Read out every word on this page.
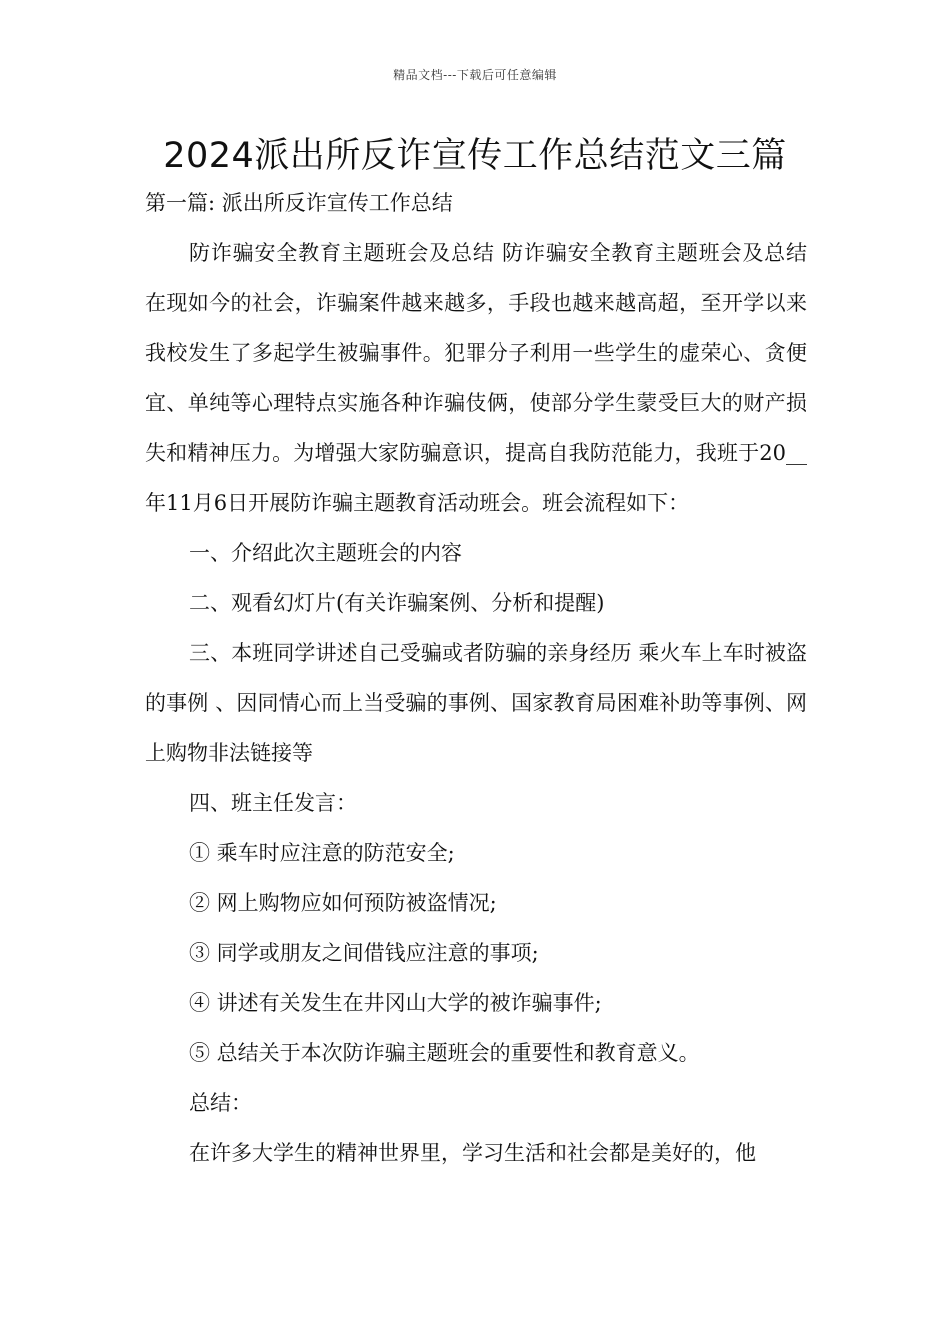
精品文档---下载后可任意编辑
2024派出所反诈宣传工作总结范文三篇

第一篇: 派出所反诈宣传工作总结

防诈骗安全教育主题班会及总结 防诈骗安全教育主题班会及总结  在现如今的社会，诈骗案件越来越多，手段也越来越高超，至开学以来我校发生了多起学生被骗事件。犯罪分子利用一些学生的虚荣心、贪便宜、单纯等心理特点实施各种诈骗伎俩，使部分学生蒙受巨大的财产损失和精神压力。为增强大家防骗意识，提高自我防范能力，我班于20__年11月6日开展防诈骗主题教育活动班会。班会流程如下：

一、介绍此次主题班会的内容

二、观看幻灯片(有关诈骗案例、分析和提醒)

三、本班同学讲述自己受骗或者防骗的亲身经历 乘火车上车时被盗的事例 、因同情心而上当受骗的事例、国家教育局困难补助等事例、网上购物非法链接等

四、班主任发言：

① 乘车时应注意的防范安全;

② 网上购物应如何预防被盗情况;

③ 同学或朋友之间借钱应注意的事项;

④ 讲述有关发生在井冈山大学的被诈骗事件;

⑤ 总结关于本次防诈骗主题班会的重要性和教育意义。

总结：

在许多大学生的精神世界里，学习生活和社会都是美好的，他
